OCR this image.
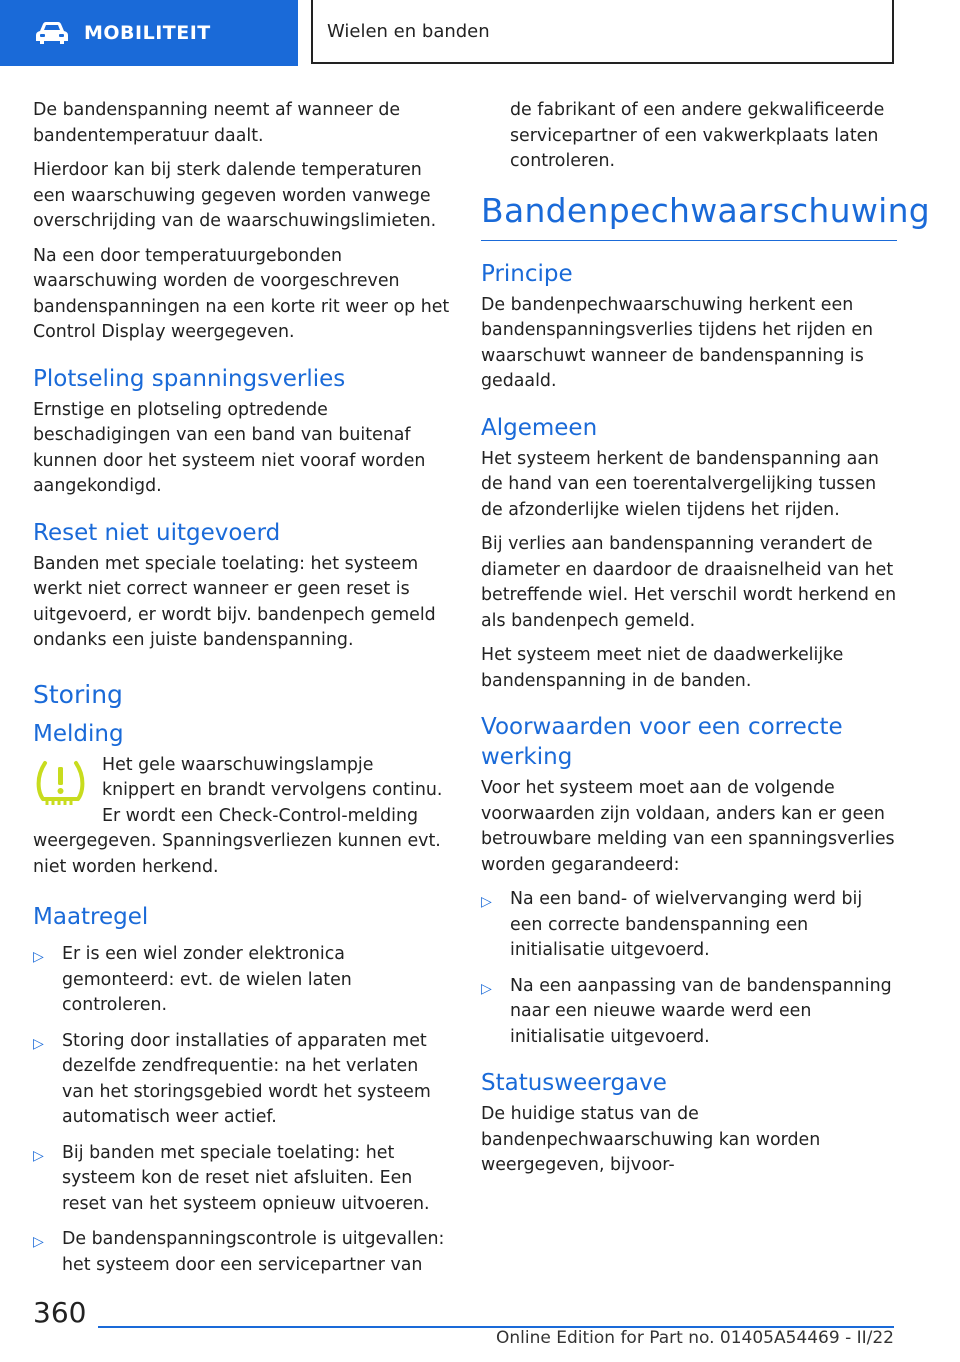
MOBILITEIT	Wielen en banden

De bandenspanning neemt af wanneer de bandentemperatuur daalt.

Hierdoor kan bij sterk dalende temperaturen een waarschuwing gegeven worden vanwege overschrijding van de waarschuwingslimieten.

Na een door temperatuurgebonden waarschuwing worden de voorgeschreven bandenspanningen na een korte rit weer op het Control Display weergegeven.

Plotseling spanningsverlies

Ernstige en plotseling optredende beschadigingen van een band van buitenaf kunnen door het systeem niet vooraf worden aangekondigd.

Reset niet uitgevoerd

Banden met speciale toelating: het systeem werkt niet correct wanneer er geen reset is uitgevoerd, er wordt bijv. bandenpech gemeld ondanks een juiste bandenspanning.

Storing
Melding

Het gele waarschuwingslampje knippert en brandt vervolgens continu. Er wordt een Check-Control-melding weergegeven. Spanningsverliezen kunnen evt. niet worden herkend.

Maatregel
▷ Er is een wiel zonder elektronica gemonteerd: evt. de wielen laten controleren.
▷ Storing door installaties of apparaten met dezelfde zendfrequentie: na het verlaten van het storingsgebied wordt het systeem automatisch weer actief.
▷ Bij banden met speciale toelating: het systeem kon de reset niet afsluiten. Een reset van het systeem opnieuw uitvoeren.
▷ De bandenspanningscontrole is uitgevallen: het systeem door een servicepartner van

de fabrikant of een andere gekwalificeerde servicepartner of een vakwerkplaats laten controleren.

Bandenpechwaarschuwing
Principe

De bandenpechwaarschuwing herkent een bandenspanningsverlies tijdens het rijden en waarschuwt wanneer de bandenspanning is gedaald.

Algemeen

Het systeem herkent de bandenspanning aan de hand van een toerentalvergelijking tussen de afzonderlijke wielen tijdens het rijden.

Bij verlies aan bandenspanning verandert de diameter en daardoor de draaisnelheid van het betreffende wiel. Het verschil wordt herkend en als bandenpech gemeld.

Het systeem meet niet de daadwerkelijke bandenspanning in de banden.

Voorwaarden voor een correcte werking

Voor het systeem moet aan de volgende voorwaarden zijn voldaan, anders kan er geen betrouwbare melding van een spanningsverlies worden gegarandeerd:

▷ Na een band- of wielvervanging werd bij een correcte bandenspanning een initialisatie uitgevoerd.
▷ Na een aanpassing van de bandenspanning naar een nieuwe waarde werd een initialisatie uitgevoerd.
Statusweergave

De huidige status van de bandenpechwaarschuwing kan worden weergegeven, bijvoor-

360
Online Edition for Part no. 01405A54469 - II/22
